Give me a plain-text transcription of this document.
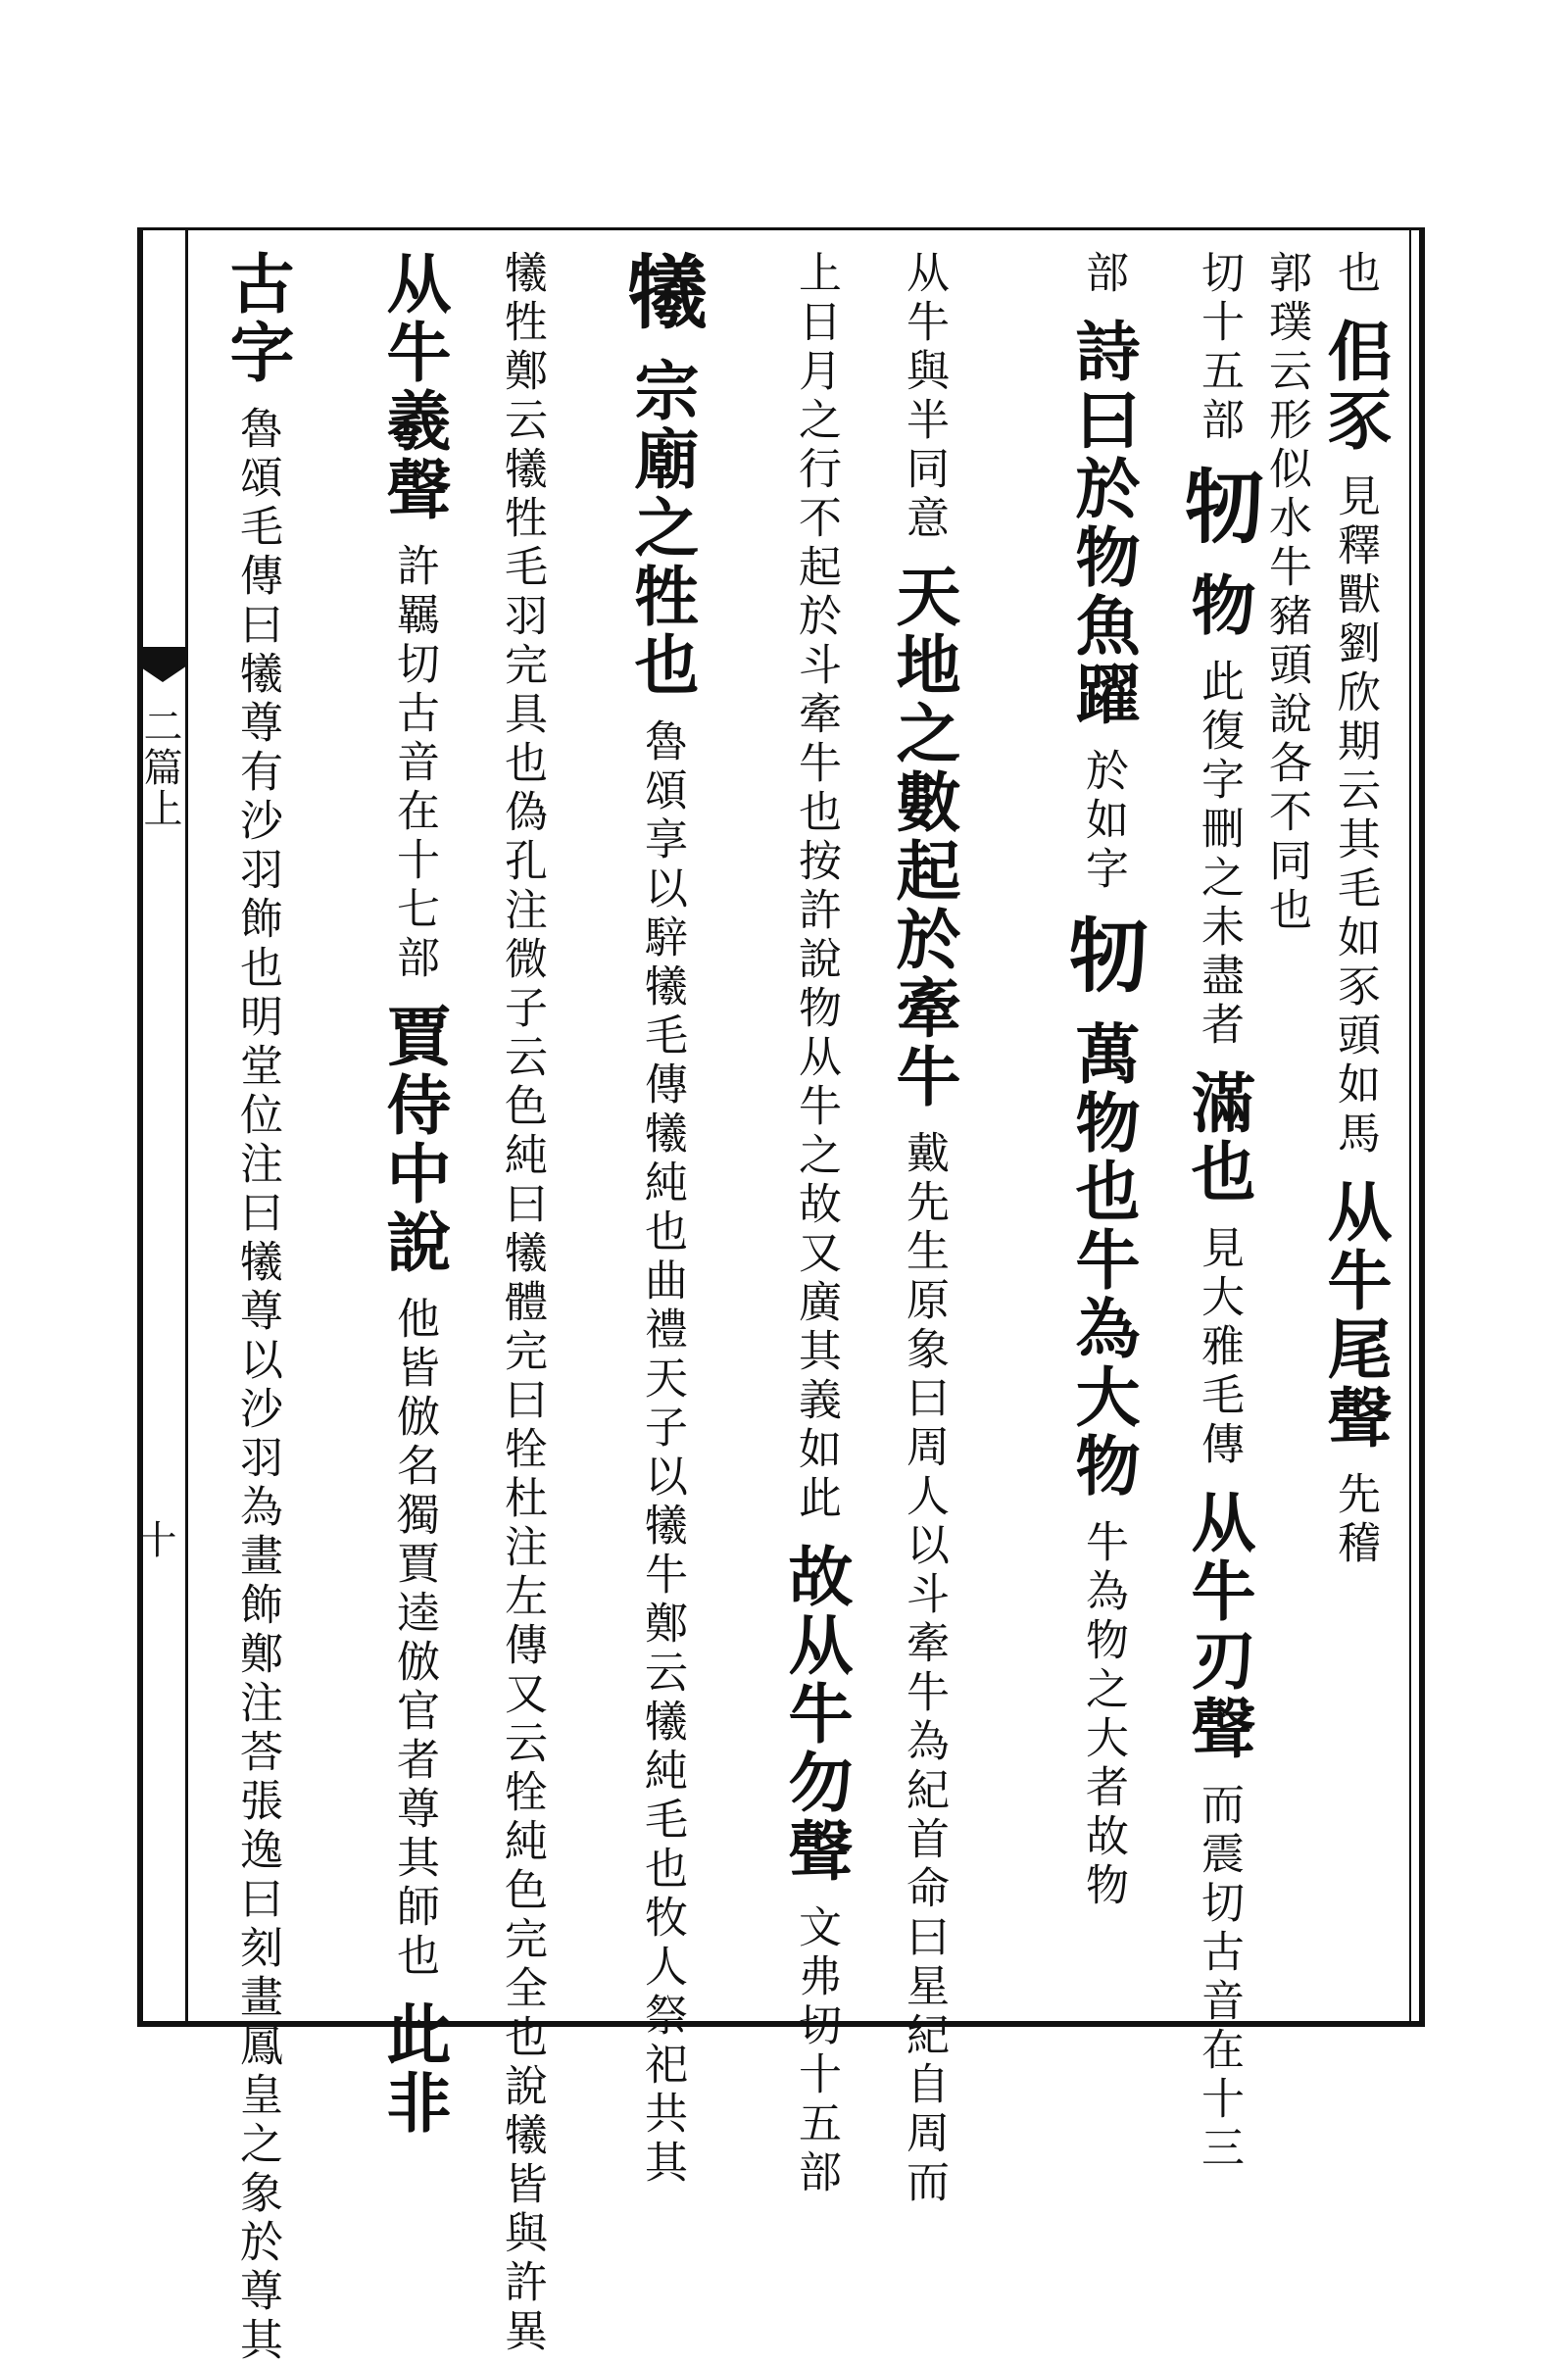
二篇上
十
也 佀豕 見釋獸劉欣期云其毛如豕頭如馬 从牛尾聲 先稽
郭璞云形似水牛豬頭說各不同也
切十五部 牣 物 此復字刪之未盡者 滿也 見大雅毛傳 从牛刃聲 而震切古音在十三
部 詩曰於物魚躍 於如字 牣 萬物也牛為大物 牛為物之大者故物
从牛與半同意 天地之數起於牽牛 戴先生原象曰周人以斗牽牛為紀首命曰星紀自周而
上日月之行不起於斗牽牛也按許說物从牛之故又廣其義如此 故从牛勿聲 文弗切十五部
犧 宗廟之牲也 魯頌享以騂犧毛傳犧純也曲禮天子以犧牛鄭云犧純毛也牧人祭祀共其
犧牲鄭云犧牲毛羽完具也偽孔注微子云色純曰犧體完曰牷杜注左傳又云牷純色完全也說犧皆與許異
从牛羲聲 許羈切古音在十七部 賈侍中說 他皆倣名獨賈逵倣官者尊其師也 此非
古字 魯頌毛傳曰犧尊有沙羽飾也明堂位注曰犧尊以沙羽為畫飾鄭注荅張逸曰刻畫鳳皇之象於尊其
